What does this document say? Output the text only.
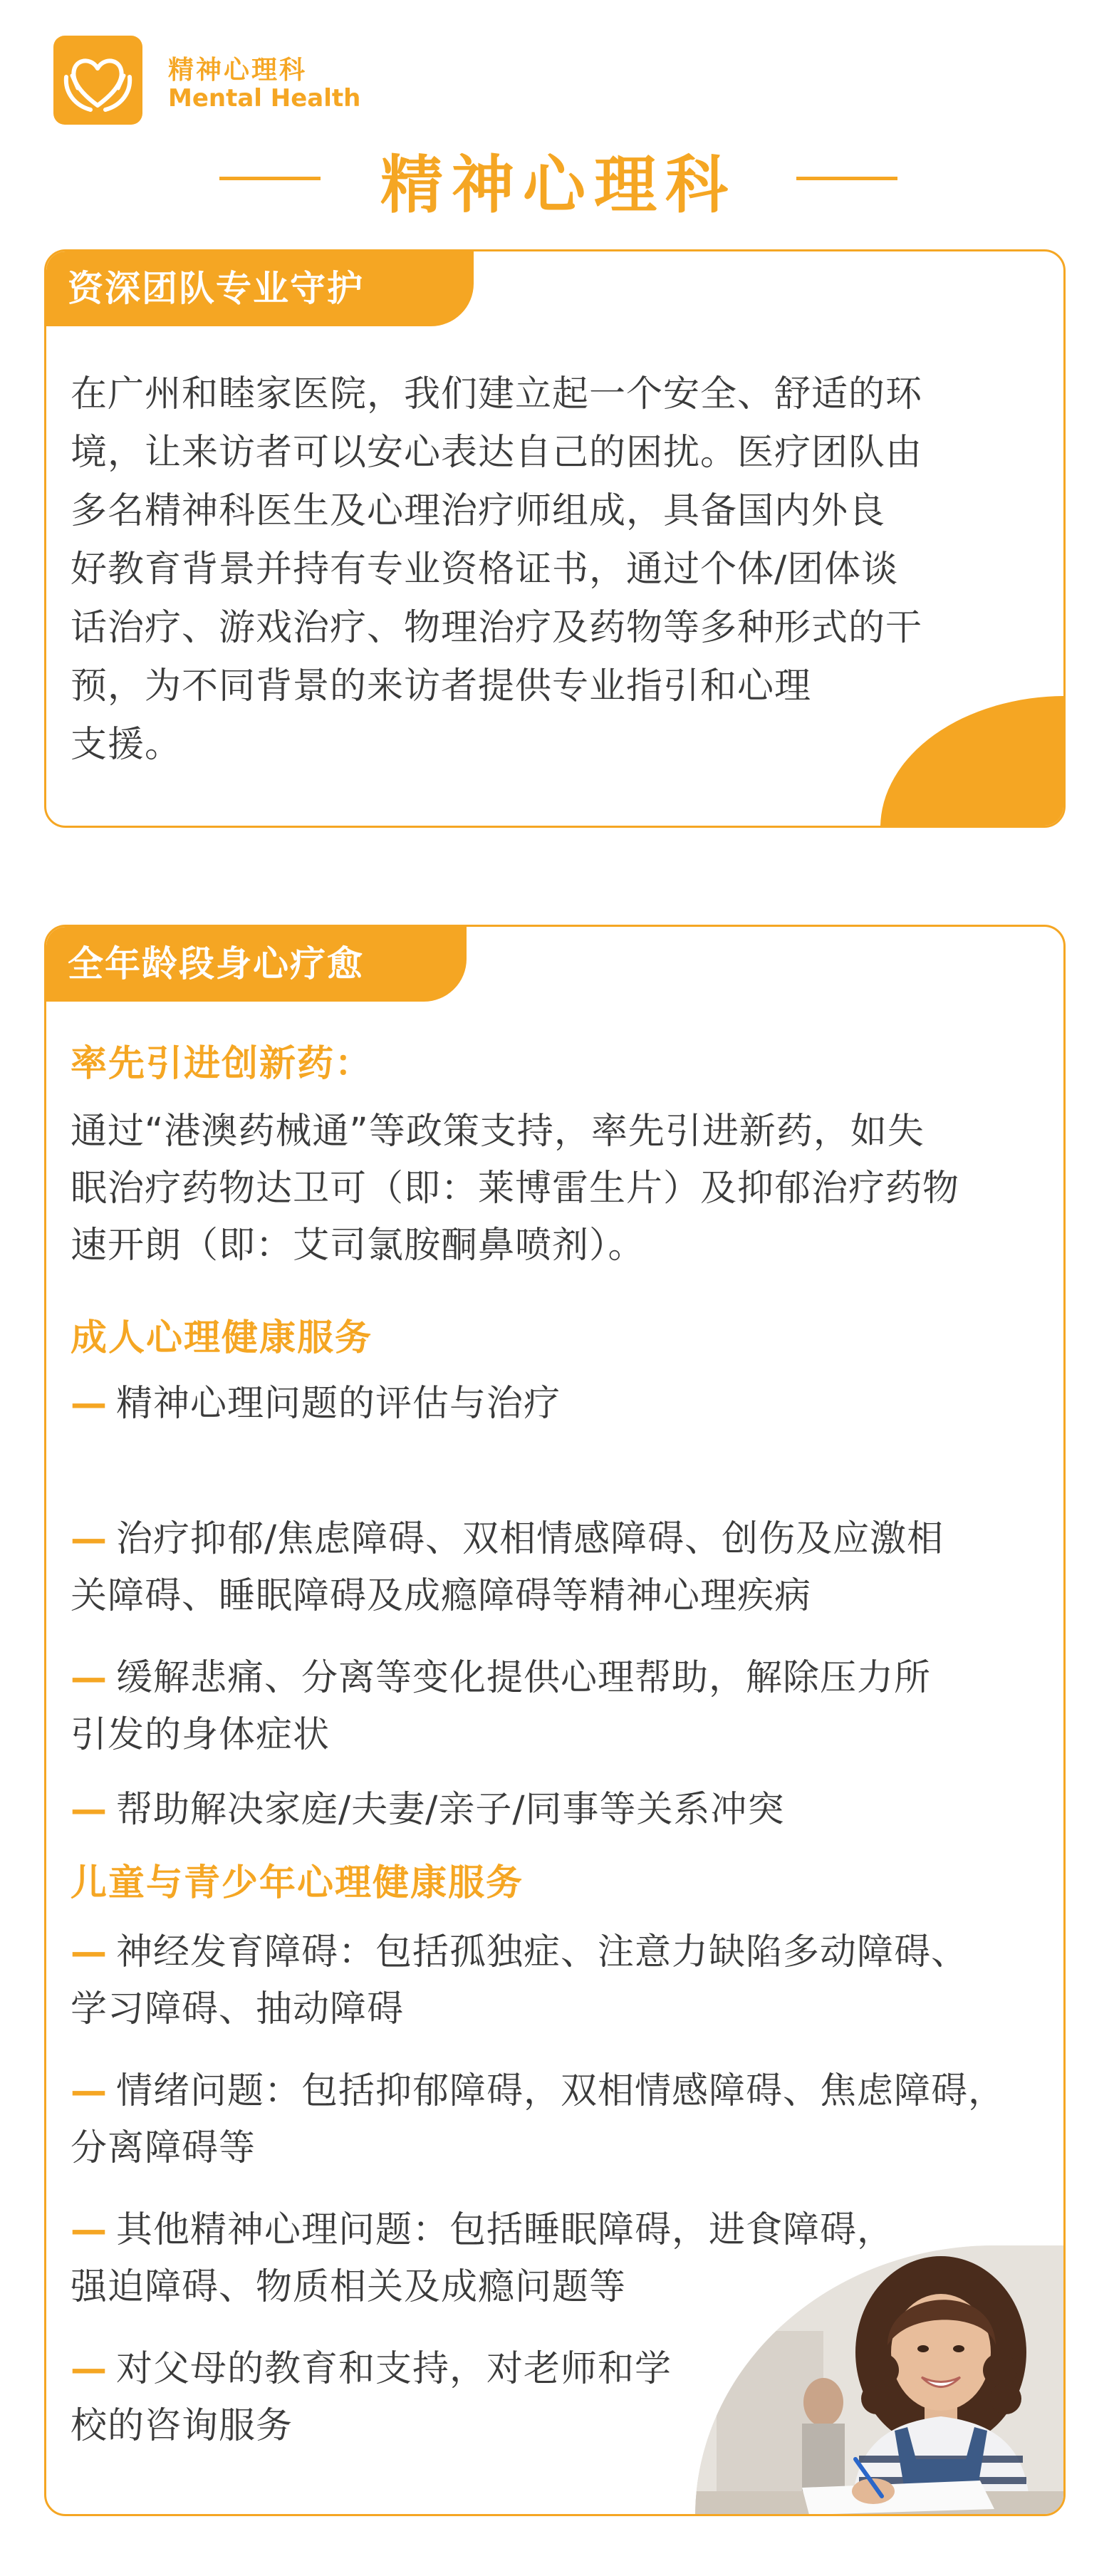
精神心理科
Mental Health
精神心理科
资深团队专业守护
在广州和睦家医院，我们建立起一个安全、舒适的环
境，让来访者可以安心表达自己的困扰。医疗团队由
多名精神科医生及心理治疗师组成，具备国内外良
好教育背景并持有专业资格证书，通过个体/团体谈
话治疗、游戏治疗、物理治疗及药物等多种形式的干
预，为不同背景的来访者提供专业指引和心理
支援。
全年龄段身心疗愈
率先引进创新药：
通过“港澳药械通”等政策支持，率先引进新药，如失
眠治疗药物达卫可（即：莱博雷生片）及抑郁治疗药物
速开朗（即：艾司氯胺酮鼻喷剂）。
成人心理健康服务
— 精神心理问题的评估与治疗
— 治疗抑郁/焦虑障碍、双相情感障碍、创伤及应激相
关障碍、睡眠障碍及成瘾障碍等精神心理疾病
— 缓解悲痛、分离等变化提供心理帮助，解除压力所
引发的身体症状
— 帮助解决家庭/夫妻/亲子/同事等关系冲突
儿童与青少年心理健康服务
— 神经发育障碍：包括孤独症、注意力缺陷多动障碍、
学习障碍、抽动障碍
— 情绪问题：包括抑郁障碍，双相情感障碍、焦虑障碍，
分离障碍等
— 其他精神心理问题：包括睡眠障碍，进食障碍，
强迫障碍、物质相关及成瘾问题等
— 对父母的教育和支持，对老师和学
校的咨询服务
